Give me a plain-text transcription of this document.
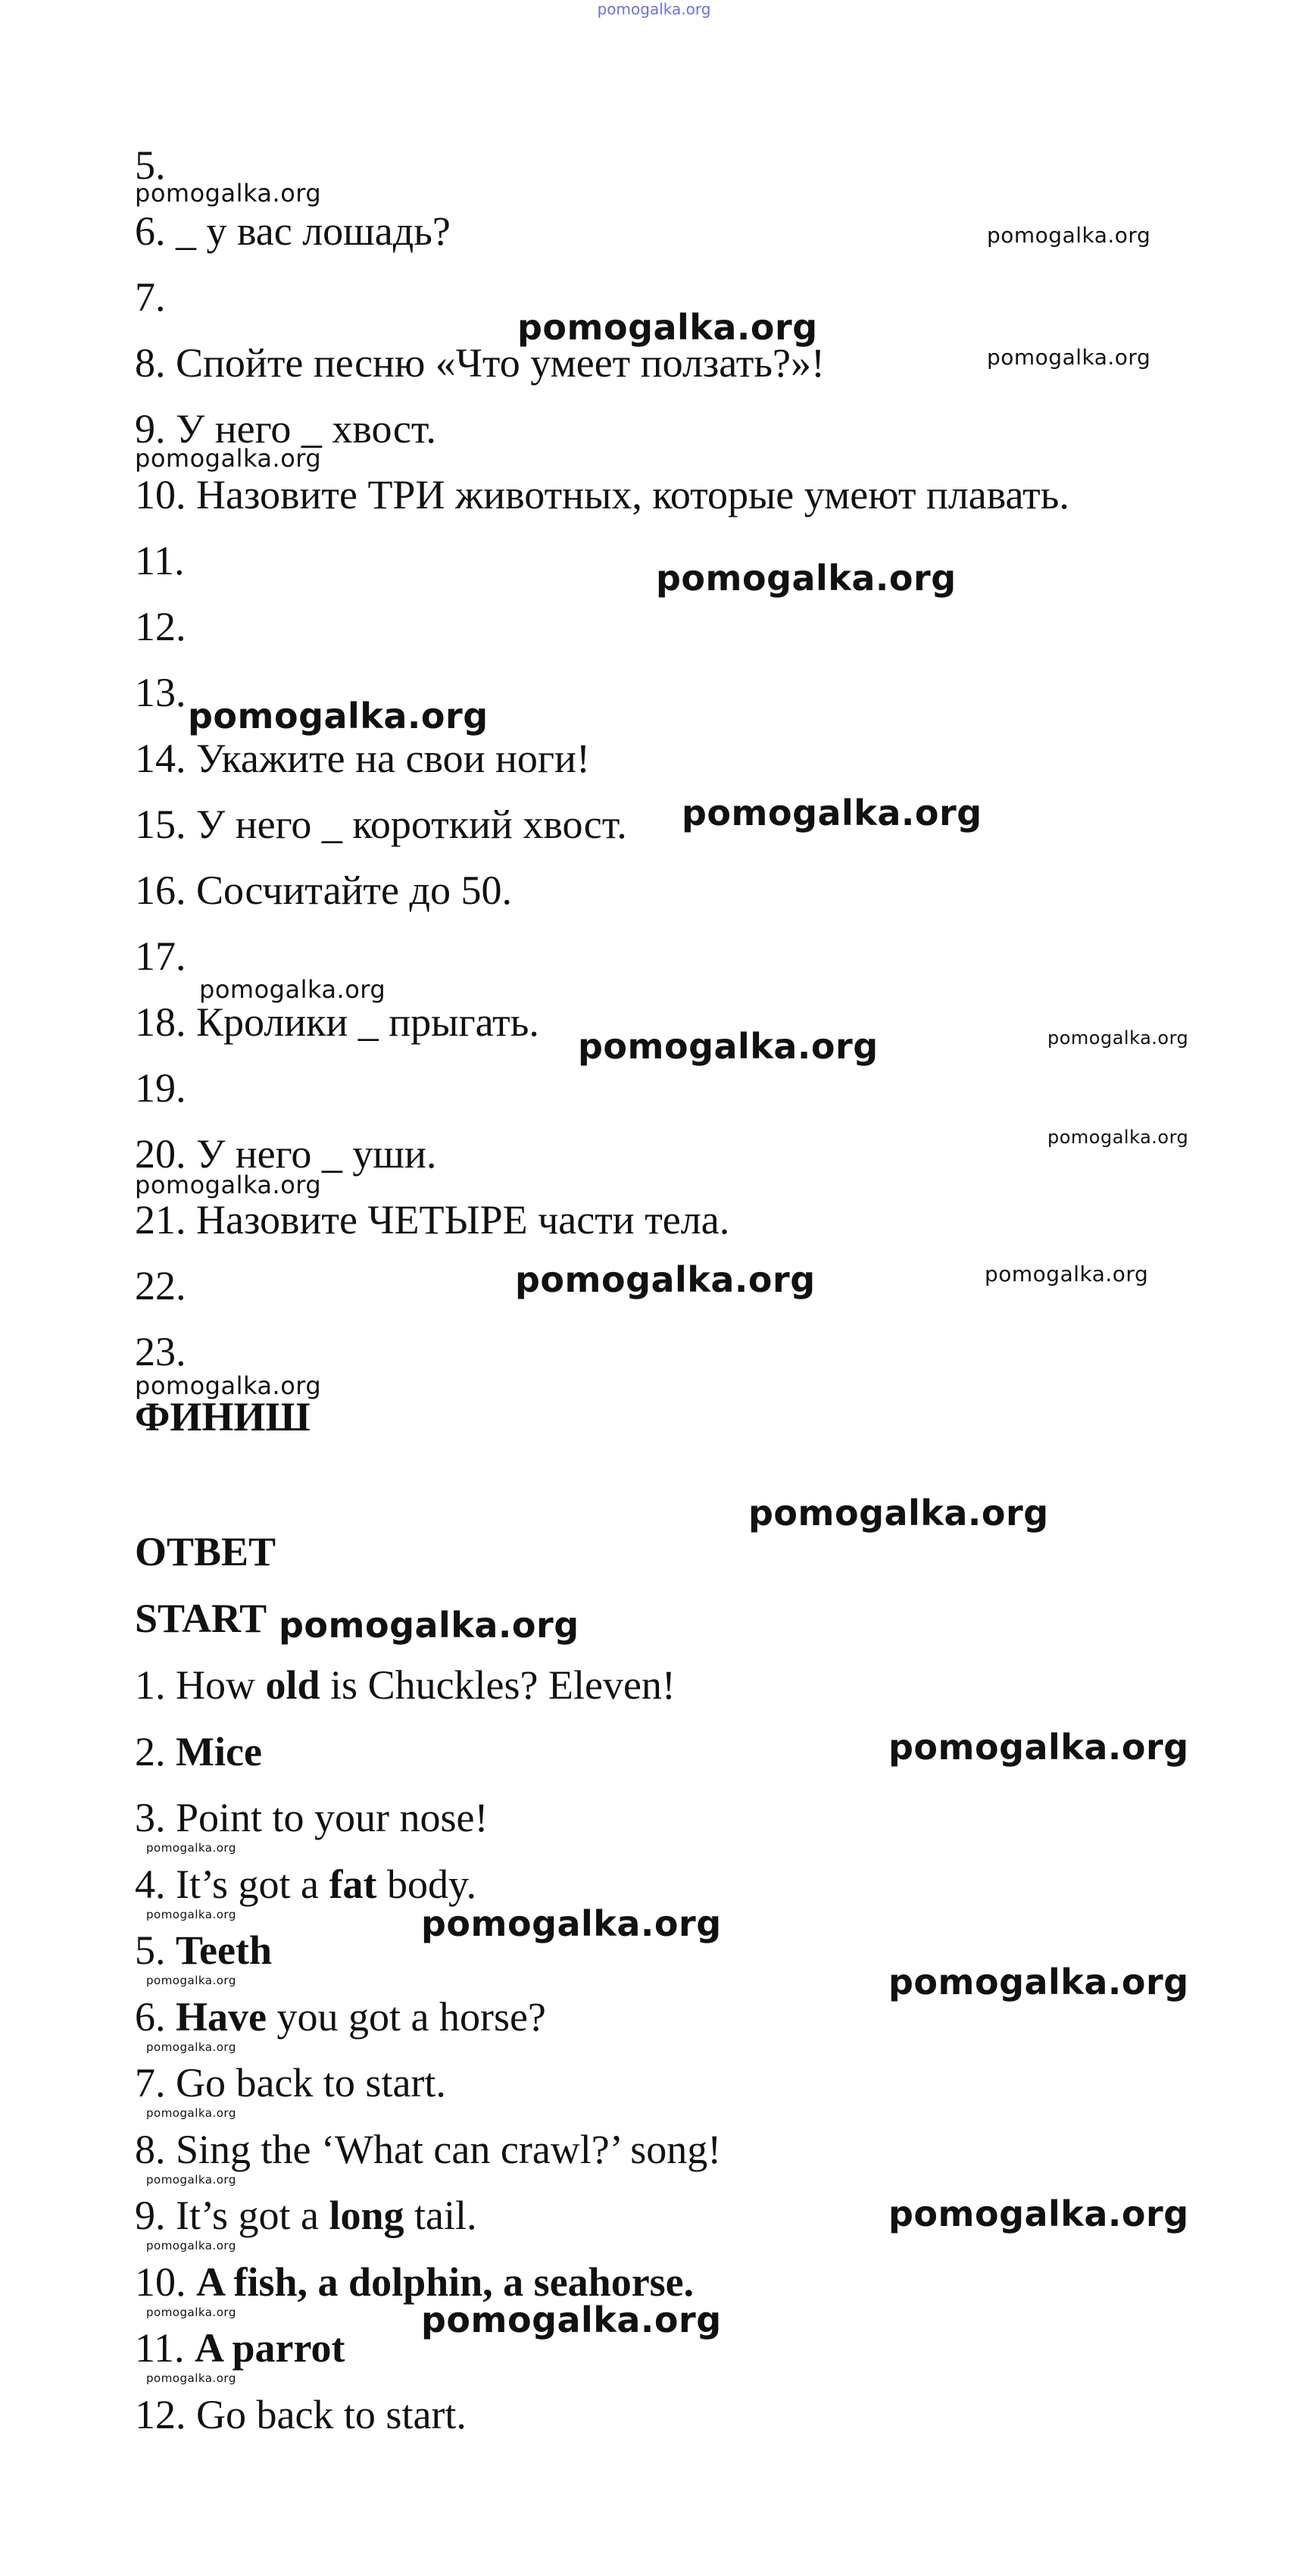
pomogalka.org
5.
6. _ у вас лошадь?
7.
8. Спойте песню «Что умеет ползать?»!
9. У него _ хвост.
10. Назовите ТРИ животных, которые умеют плавать.
11.
12.
13.
14. Укажите на свои ноги!
15. У него _ короткий хвост.
16. Сосчитайте до 50.
17.
18. Кролики _ прыгать.
19.
20. У него _ уши.
21. Назовите ЧЕТЫРЕ части тела.
22.
23.
ФИНИШ
ОТВЕТ
START
1. How old is Chuckles? Eleven!
2. Mice
3. Point to your nose!
4. It’s got a fat body.
5. Teeth
6. Have you got a horse?
7. Go back to start.
8. Sing the ‘What can crawl?’ song!
9. It’s got a long tail.
10. A fish, a dolphin, a seahorse.
11. A parrot
12. Go back to start.
pomogalka.org
pomogalka.org
pomogalka.org
pomogalka.org
pomogalka.org
pomogalka.org
pomogalka.org
pomogalka.org
pomogalka.org
pomogalka.org	pomogalka.org
pomogalka.org
pomogalka.org
pomogalka.org	pomogalka.org
pomogalka.org
pomogalka.org
pomogalka.org
pomogalka.org
pomogalka.org
pomogalka.org
pomogalka.org
pomogalka.org
pomogalka.org
pomogalka.org
pomogalka.org
pomogalka.org
pomogalka.org
pomogalka.org
pomogalka.org
pomogalka.org
pomogalka.org
